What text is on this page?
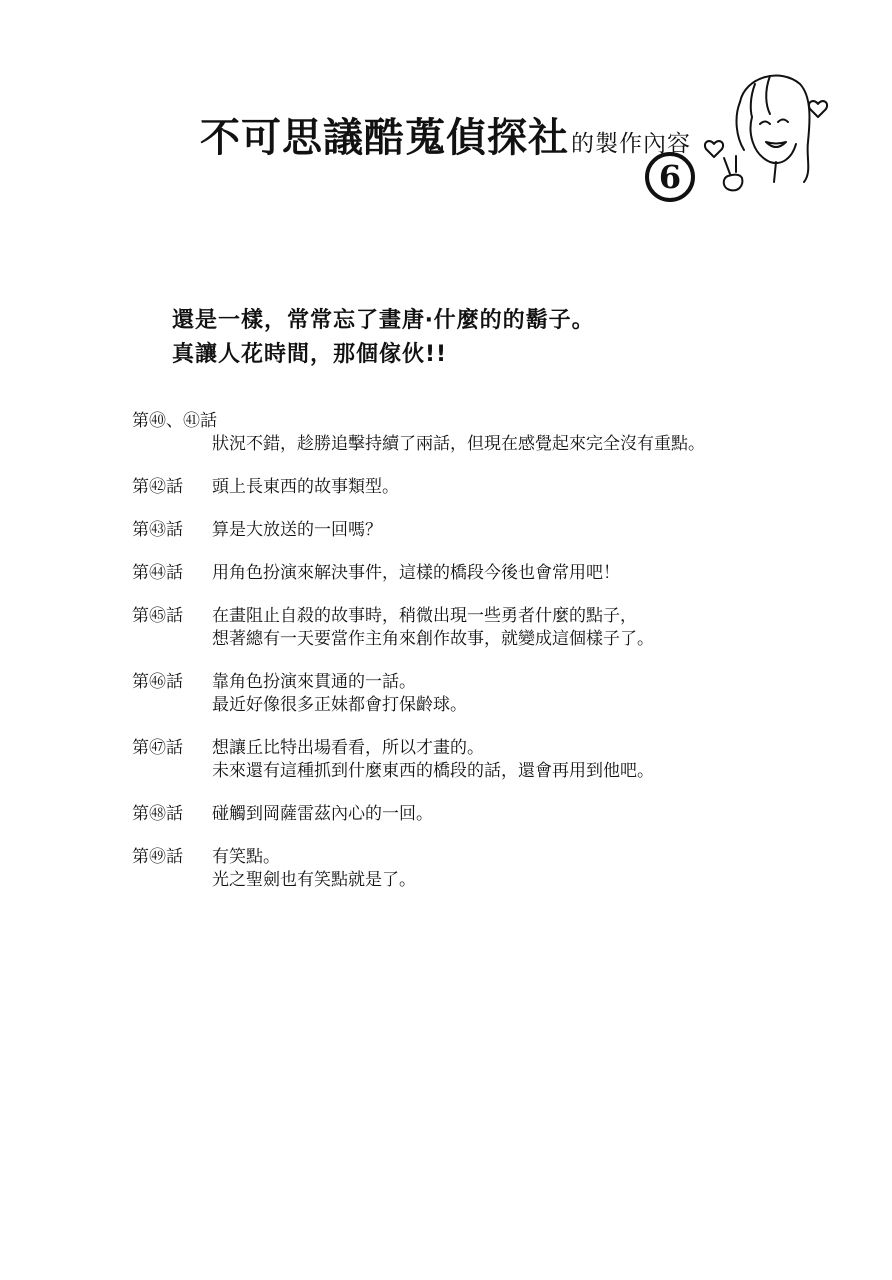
不可思議酷蒐偵探社的製作內容
6
還是一樣，常常忘了畫唐‧什麼的的鬍子。
真讓人花時間，那個傢伙!!
第㊵、㊶話
狀況不錯，趁勝追擊持續了兩話，但現在感覺起來完全沒有重點。
第㊷話 頭上長東西的故事類型。
第㊸話 算是大放送的一回嗎？
第㊹話 用角色扮演來解決事件，這樣的橋段今後也會常用吧！
第㊺話 在畫阻止自殺的故事時，稍微出現一些勇者什麼的點子，
想著總有一天要當作主角來創作故事，就變成這個樣子了。
第㊻話 靠角色扮演來貫通的一話。
最近好像很多正妹都會打保齡球。
第㊼話 想讓丘比特出場看看，所以才畫的。
未來還有這種抓到什麼東西的橋段的話，還會再用到他吧。
第㊽話 碰觸到岡薩雷茲內心的一回。
第㊾話 有笑點。
光之聖劍也有笑點就是了。
